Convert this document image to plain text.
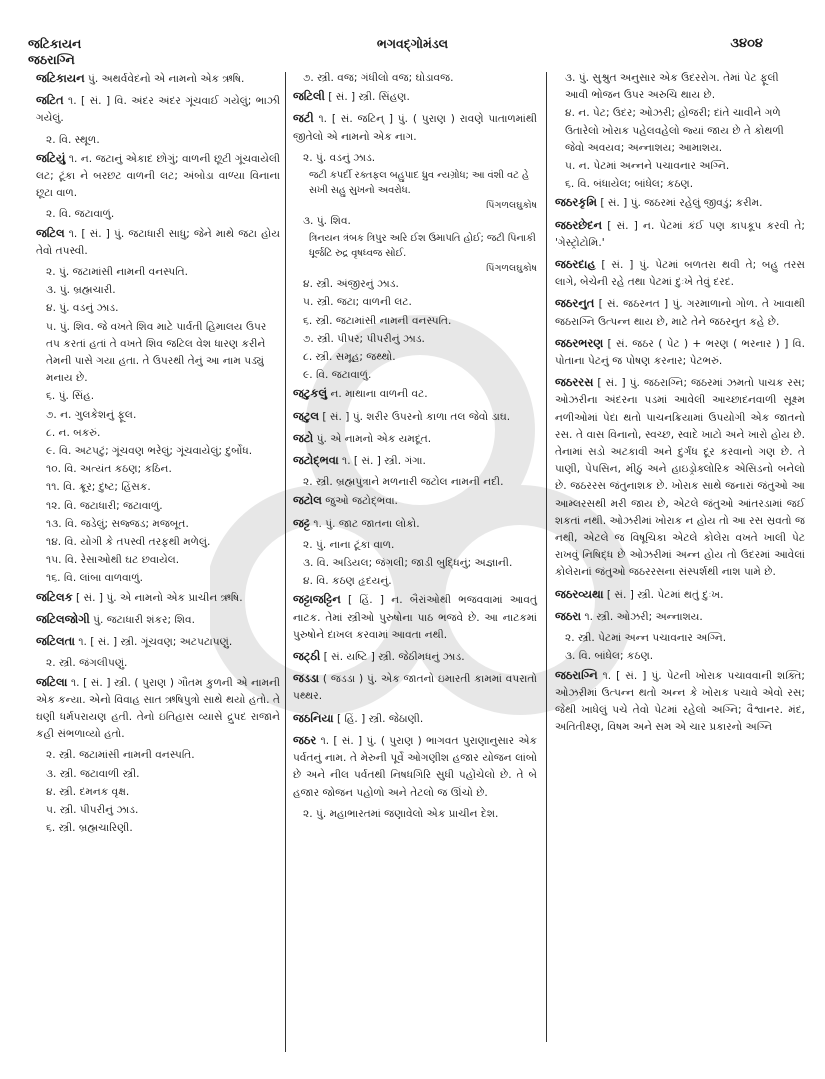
જટિકાયન
જઠરાગ્નિ
ભગવદ્ગોમંડલ	૩૪૦૪
જટિકાયન પું. અથર્વવેદનો એ નામનો એક ઋષિ.
જટિત ૧. [ સં. ] વિ. અંદર અંદર ગૂંચવાઈ ગયેલું; ભાઝી ગયેલું.
૨. વિ. સ્થૂળ.
જટિયું ૧. ન. જટાનું એકાદ છોગું; વાળની છૂટી ગૂંચવાયેલી લટ; ટૂંકા ને બરછટ વાળની લટ; અંબોડા વાળ્યા વિનાના છૂટા વાળ.
૨. વિ. જટાવાળું.
જટિલ ૧. [ સં. ] પું. જટાધારી સાધુ; જેને માથે જટા હોય તેવો તપસ્વી.
૨. પું. જટામાંસી નામની વનસ્પતિ.
૩. પું. બ્રહ્મચારી.
૪. પું. વડનું ઝાડ.
૫. પું. શિવ. જે વખતે શિવ માટે પાર્વતી હિમાલય ઉપર તપ કરતાં હતાં તે વખતે શિવ જટિલ વેશ ધારણ કરીને તેમની પાસે ગયા હતા. તે ઉપરથી તેનું આ નામ પડ્યું મનાય છે.
૬. પું. સિંહ.
૭. ન. ગુલકેશનું ફૂલ.
૮. ન. બકરું.
૯. વિ. અટપટું; ગૂંચવણ ભરેલું; ગૂંચવાયેલું; દુર્બોધ.
૧૦. વિ. અત્યંત કઠણ; કઠિન.
૧૧. વિ. ક્રૂર; દુષ્ટ; હિંસક.
૧૨. વિ. જટાધારી; જટાવાળું.
૧૩. વિ. જડેલું; સજ્જડ; મજબૂત.
૧૪. વિ. યોગી કે તપસ્વી તરફથી મળેલું.
૧૫. વિ. રેસાઓથી ઘટ છવાયેલ.
૧૬. વિ. લાંબા વાળવાળું.
જટિલક [ સં. ] પું. એ નામનો એક પ્રાચીન ઋષિ.
જટિલજોગી પું. જટાધારી શંકર; શિવ.
જટિલતા ૧. [ સં. ] સ્ત્રી. ગૂંચવણ; અટપટાપણું.
૨. સ્ત્રી. જંગલીપણું.
જટિલા ૧. [ સં. ] સ્ત્રી. ( પુરાણ ) ગૌતમ કુળની એ નામની એક કન્યા. એનો વિવાહ સાત ઋષિપુત્રો સાથે થયો હતો. તે ઘણી ધર્મપરાયણ હતી. તેનો ઇતિહાસ વ્યાસે દ્રુપદ રાજાને કહી સંભળાવ્યો હતો.
૨. સ્ત્રી. જટામાંસી નામની વનસ્પતિ.
૩. સ્ત્રી. જટાવાળી સ્ત્રી.
૪. સ્ત્રી. દમનક વૃક્ષ.
૫. સ્ત્રી. પીપરીનું ઝાડ.
૬. સ્ત્રી. બ્રહ્મચારિણી.
૭. સ્ત્રી. વજ; ગંધીલો વજ; ઘોડાવજ.
જટિલી [ સં. ] સ્ત્રી. સિંહણ.
જટી ૧. [ સં. જટિન્ ] પું. ( પુરાણ ) રાવણે પાતાળમાંથી જીતેલો એ નામનો એક નાગ.
૨. પું. વડનું ઝાડ.
જટી કપર્દી રક્તફલ બહુપાદ ધ્રુવ ન્યગ્રોધ; આ વંશી વટ હે સખી સહુ સુખનો અવરોધ.
પિંગળલઘુકોષ
૩. પું. શિવ.
ત્રિનયન ત્રંબક ત્રિપુર અરિ ઈશ ઉમાપતિ હોઈ; જટી પિનાકી ધૂર્જટિ રુદ્ર વૃષધ્વજ સોઈ.
પિંગળલઘુકોષ
૪. સ્ત્રી. અંજીરનું ઝાડ.
૫. સ્ત્રી. જટા; વાળની લટ.
૬. સ્ત્રી. જટામાંસી નામની વનસ્પતિ.
૭. સ્ત્રી. પીપર; પીપરીનું ઝાડ.
૮. સ્ત્રી. સમૂહ; જથ્થો.
૯. વિ. જટાવાળું.
જટુકલું ન. માથાના વાળની વટ.
જટુલ [ સં. ] પું. શરીર ઉપરનો કાળા તલ જેવો ડાઘ.
જટો પું. એ નામનો એક યમદૂત.
જટોદ્ભવા ૧. [ સં. ] સ્ત્રી. ગંગા.
૨. સ્ત્રી. બ્રહ્મપુત્રાને મળનારી જટોલ નામની નદી.
જટોલ જુઓ જટોદ્ભવા.
જટ્ટ ૧. પું. જાટ જાતના લોકો.
૨. પું. નાના ટૂંકા વાળ.
૩. વિ. અડિયલ; જંગલી; જાડી બુદ્ધિનું; અજ્ઞાની.
૪. વિ. કઠણ હૃદયનું.
જટ્ટાજટ્ટિન [ હિં. ] ન. બૈરાંઓથી ભજવવામાં આવતું નાટક. તેમાં સ્ત્રીઓ પુરુષોના પાઠ ભજવે છે. આ નાટકમાં પુરુષોને દાખલ કરવામાં આવતા નથી.
જટ્ઠી [ સં. યષ્ટિ ] સ્ત્રી. જેઠીમધનું ઝાડ.
જડડા ( જડડા ) પું. એક જાતનો ઇમારતી કામમાં વપરાતો પથ્થર.
જઠનિયા [ હિં. ] સ્ત્રી. જેઠાણી.
જઠર ૧. [ સં. ] પું. ( પુરાણ ) ભાગવત પુરાણાનુસાર એક પર્વતનું નામ. તે મેરુની પૂર્વે ઓગણીશ હજાર યોજન લાંબો છે અને નીલ પર્વતથી નિષધગિરિ સુધી પહોંચેલો છે. તે બે હજાર જોજન પહોળો અને તેટલો જ ઊંચો છે.
૨. પું. મહાભારતમાં જણાવેલો એક પ્રાચીન દેશ.
૩. પું. સુશ્રુત અનુસાર એક ઉદરરોગ. તેમાં પેટ ફૂલી આવી ભોજન ઉપર અરુચિ થાય છે.
૪. ન. પેટ; ઉદર; ઓઝરી; હોજરી; દાંતે ચાવીને ગળે ઉતારેલો ખોરાક પહેલવહેલો જ્યાં જાય છે તે કોથળી જેવો અવયવ; અન્નાશય; આમાશય.
૫. ન. પેટમાં અન્નને પચાવનાર અગ્નિ.
૬. વિ. બંધાયેલ; બાંધેલ; કઠણ.
જઠરકૃમિ [ સં. ] પું. જઠરમાં રહેલું જીવડું; કરીમ.
જઠરછેદન [ સં. ] ન. પેટમાં કંઈ પણ કાપકૂપ કરવી તે; 'ગેસ્ટ્રોટોમિ.'
જઠરદાહ [ સં. ] પું. પેટમાં બળતરા થવી તે; બહુ તરસ લાગે, બેચેની રહે તથા પેટમાં દુઃખે તેવું દરદ.
જઠરનુત [ સં. જઠરનત ] પું. ગરમાળાનો ગોળ. તે ખાવાથી જઠરાગ્નિ ઉત્પન્ન થાય છે, માટે તેને જઠરનુત કહે છે.
જઠરભરણ [ સં. જઠર ( પેટ ) + ભરણ ( ભરનાર ) ] વિ. પોતાના પેટનું જ પોષણ કરનાર; પેટભરું.
જઠરરસ [ સં. ] પું. જઠરાગ્નિ; જઠરમાં ઝમતો પાચક રસ; ઓઝરીના અંદરના પડમાં આવેલી આચ્છાદનવાળી સૂક્ષ્મ નળીઓમાં પેદા થતો પાચનક્રિયામાં ઉપયોગી એક જાતનો રસ. તે વાસ વિનાનો, સ્વચ્છ, સ્વાદે ખાટો અને ખારો હોય છે. તેનામાં સડો અટકાવી અને દુર્ગંધ દૂર કરવાનો ગણ છે. તે પાણી, પેપસિન, મીઠું અને હાઇડ્રોક્લોરિક એસિડનો બનેલો છે. જઠરરસ જંતુનાશક છે. ખોરાક સાથે જનારાં જંતુઓ આ આમ્લરસથી મરી જાય છે, એટલે જંતુઓ આંતરડામાં જઈ શકતાં નથી. ઓઝરીમાં ખોરાક ન હોય તો આ રસ સ્રવતો જ નથી, એટલે જ વિષૂચિકા એટલે કોલેરા વખતે ખાલી પેટ રાખવું નિષિદ્ધ છે ઓઝરીમાં અન્ન હોય તો ઉદરમાં આવેલાં કોલેરાનાં જંતુઓ જઠરરસના સંસ્પર્શથી નાશ પામે છે.
જઠરવ્યથા [ સં. ] સ્ત્રી. પેટમાં થતું દુઃખ.
જઠરા ૧. સ્ત્રી. ઓઝરી; અન્નાશય.
૨. સ્ત્રી. પેટમાં અન્ન પચાવનાર અગ્નિ.
૩. વિ. બાંધેલ; કઠણ.
જઠરાગ્નિ ૧. [ સં. ] પું. પેટની ખોરાક પચાવવાની શક્તિ; ઓઝરીમાં ઉત્પન્ન થતો અન્ન કે ખોરાક પચાવે એવો રસ; જેથી ખાધેલું પચે તેવો પેટમાં રહેલો અગ્નિ; વૈશ્વાનર. મંદ, અતિતીક્ષ્ણ, વિષમ અને સમ એ ચાર પ્રકારનો અગ્નિ
